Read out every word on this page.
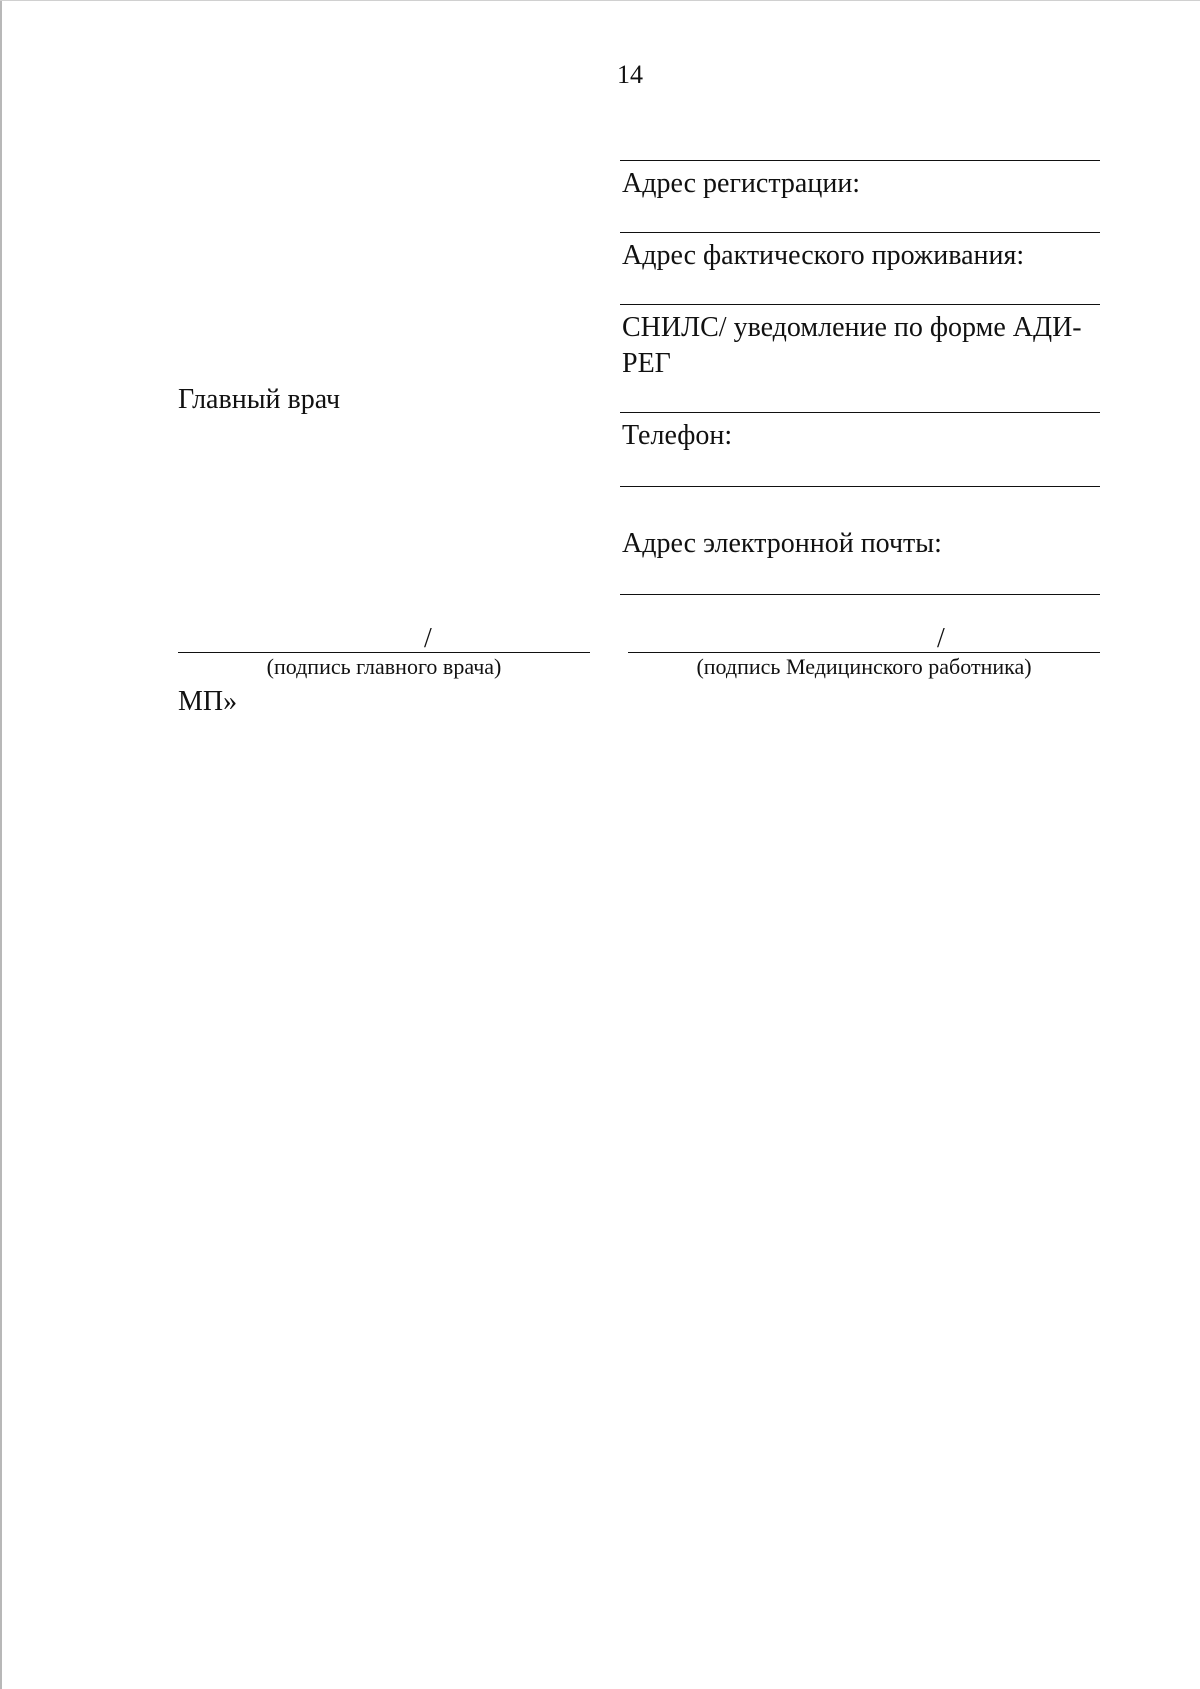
14
Адрес регистрации:
Адрес фактического проживания:
СНИЛС/ уведомление по форме АДИ-РЕГ
Телефон:
Адрес электронной почты:
Главный врач
/
(подпись главного врача)
/
(подпись Медицинского работника)
МП»
